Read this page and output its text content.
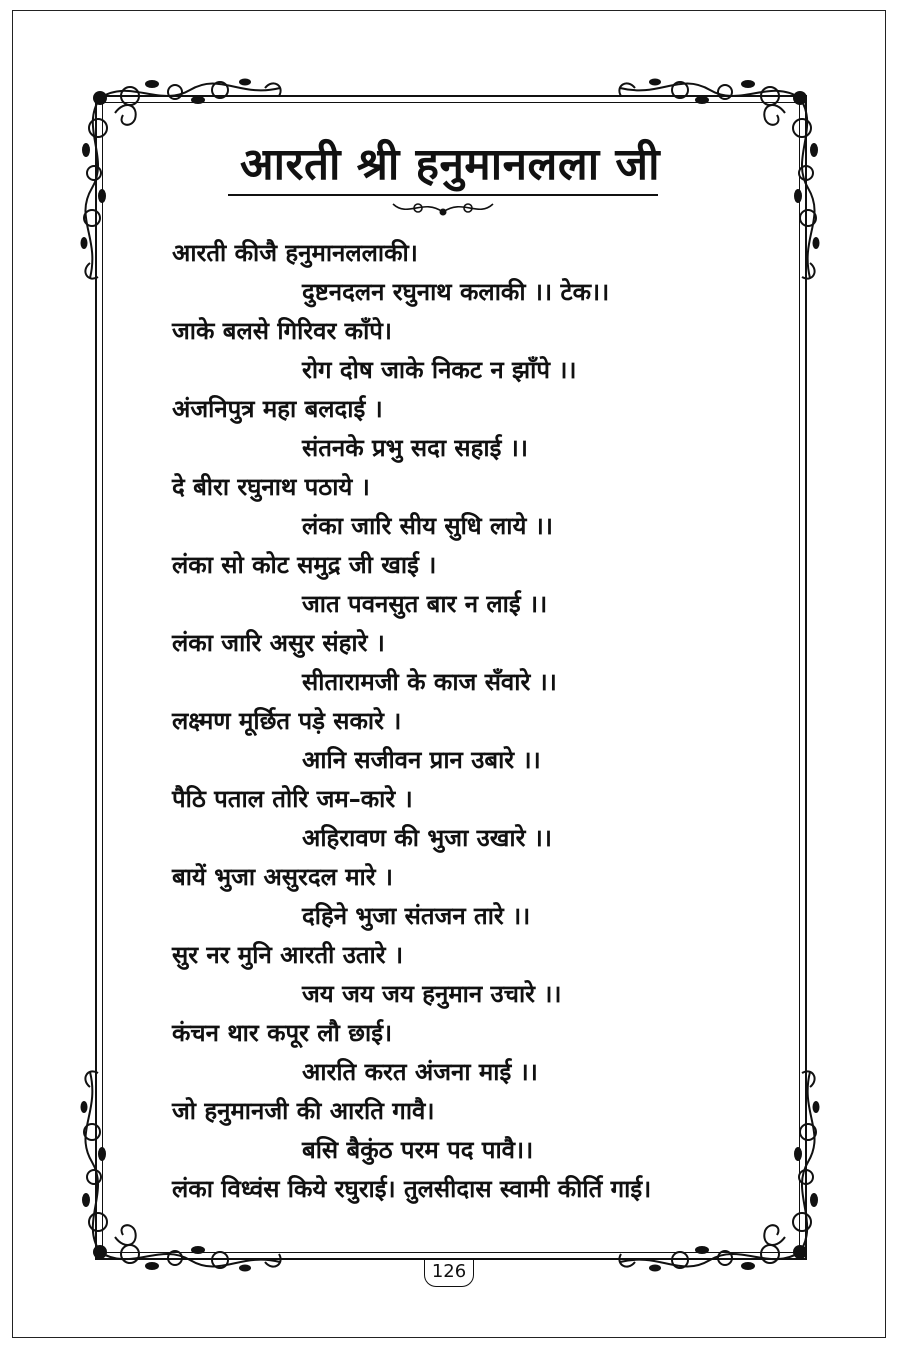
आरती श्री हनुमानलला जी
आरती कीजै हनुमानललाकी।
दुष्टनदलन रघुनाथ कलाकी ।। टेक।।
जाके बलसे गिरिवर काँपे।
रोग दोष जाके निकट न झाँपे ।।
अंजनिपुत्र महा बलदाई ।
संतनके प्रभु सदा सहाई ।।
दे बीरा रघुनाथ पठाये ।
लंका जारि सीय सुधि लाये ।।
लंका सो कोट समुद्र जी खाई ।
जात पवनसुत बार न लाई ।।
लंका जारि असुर संहारे ।
सीतारामजी के काज सँवारे ।।
लक्ष्मण मूर्छित पड़े सकारे ।
आनि सजीवन प्रान उबारे ।।
पैठि पताल तोरि जम–कारे ।
अहिरावण की भुजा उखारे ।।
बायें भुजा असुरदल मारे ।
दहिने भुजा संतजन तारे ।।
सुर नर मुनि आरती उतारे ।
जय जय जय हनुमान उचारे ।।
कंचन थार कपूर लौ छाई।
आरति करत अंजना माई ।।
जो हनुमानजी की आरति गावै।
बसि बैकुंठ परम पद पावै।।
लंका विध्वंस किये रघुराई। तुलसीदास स्वामी कीर्ति गाई।
126
